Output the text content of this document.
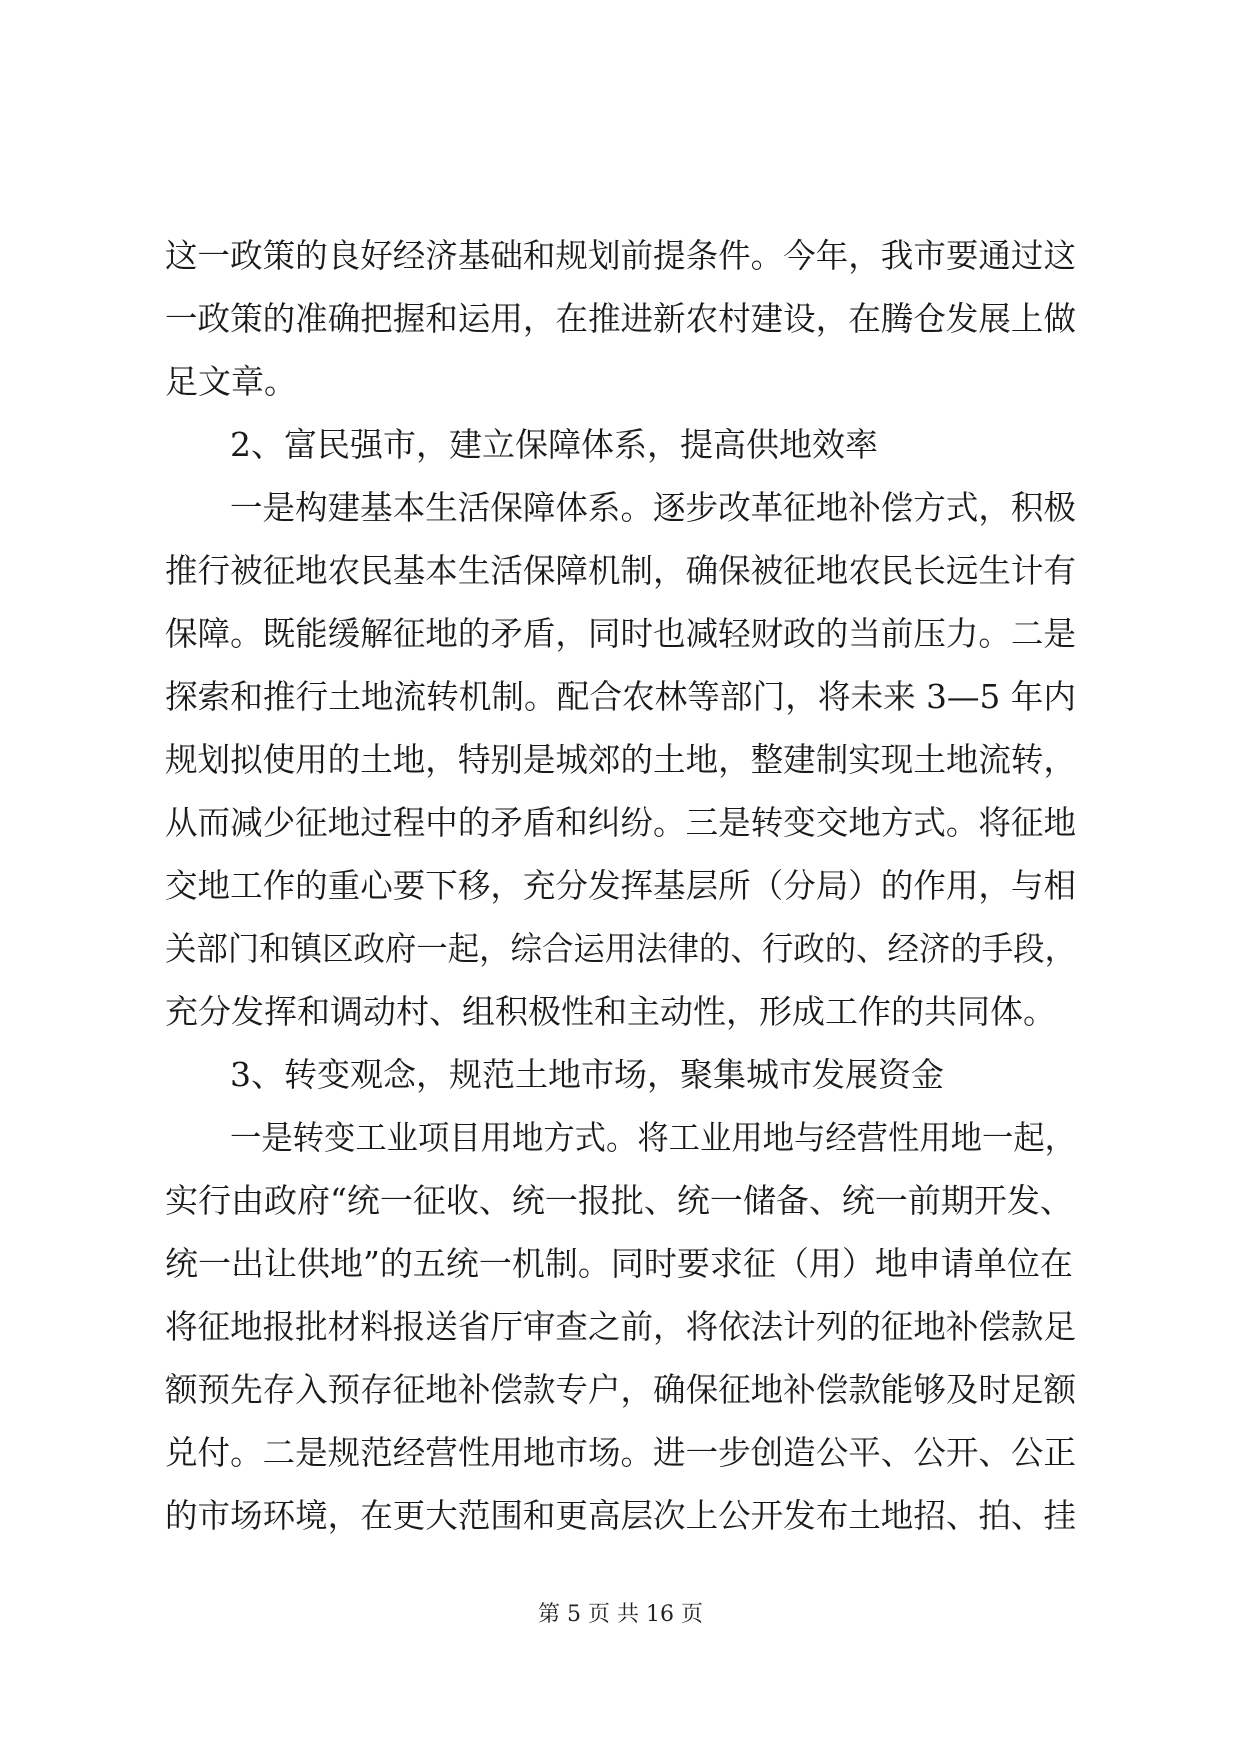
这一政策的良好经济基础和规划前提条件。今年，我市要通过这
一政策的准确把握和运用，在推进新农村建设，在腾仓发展上做
足文章。
2、富民强市，建立保障体系，提高供地效率
一是构建基本生活保障体系。逐步改革征地补偿方式，积极
推行被征地农民基本生活保障机制，确保被征地农民长远生计有
保障。既能缓解征地的矛盾，同时也减轻财政的当前压力。二是
探索和推行土地流转机制。配合农林等部门，将未来 3—5 年内
规划拟使用的土地，特别是城郊的土地，整建制实现土地流转，
从而减少征地过程中的矛盾和纠纷。三是转变交地方式。将征地
交地工作的重心要下移，充分发挥基层所（分局）的作用，与相
关部门和镇区政府一起，综合运用法律的、行政的、经济的手段，
充分发挥和调动村、组积极性和主动性，形成工作的共同体。
3、转变观念，规范土地市场，聚集城市发展资金
一是转变工业项目用地方式。将工业用地与经营性用地一起，
实行由政府“统一征收、统一报批、统一储备、统一前期开发、
统一出让供地”的五统一机制。同时要求征（用）地申请单位在
将征地报批材料报送省厅审查之前，将依法计列的征地补偿款足
额预先存入预存征地补偿款专户，确保征地补偿款能够及时足额
兑付。二是规范经营性用地市场。进一步创造公平、公开、公正
的市场环境，在更大范围和更高层次上公开发布土地招、拍、挂
第 5 页 共 16 页
